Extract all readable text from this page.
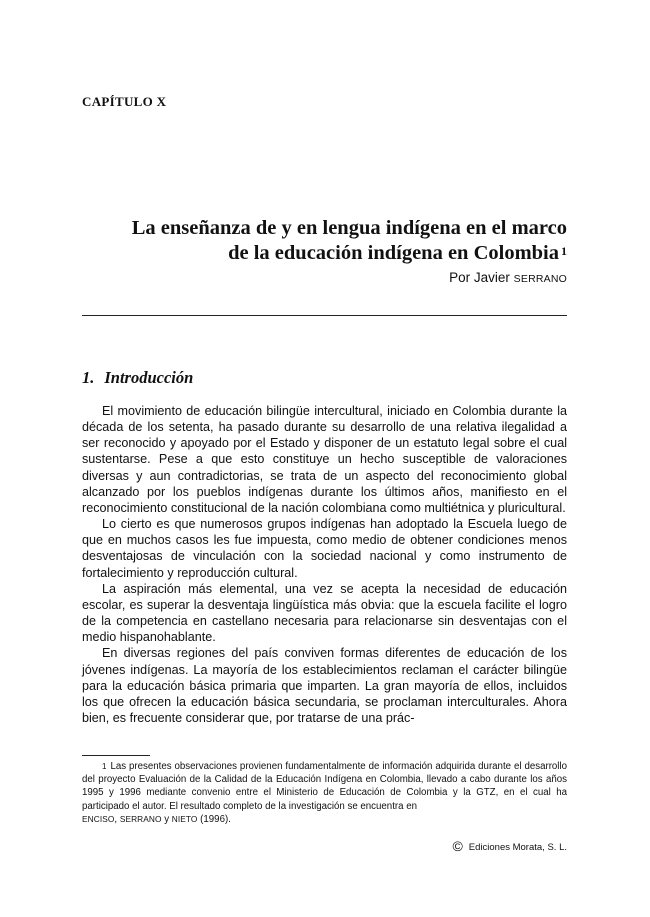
CAPÍTULO X
La enseñanza de y en lengua indígena en el marco
de la educación indígena en Colombia $^1$
Por Javier SERRANO
1. Introducción

El movimiento de educación bilingüe intercultural, iniciado en Colombia durante la década de los setenta, ha pasado durante su desarrollo de una relativa ilegalidad a ser reconocido y apoyado por el Estado y disponer de un estatuto legal sobre el cual sustentarse. Pese a que esto constituye un hecho susceptible de valoraciones diversas y aun contradictorias, se trata de un aspecto del reconocimiento global alcanzado por los pueblos indígenas durante los últimos años, manifiesto en el reconocimiento constitucional de la nación colombiana como multiétnica y pluricultural.

Lo cierto es que numerosos grupos indígenas han adoptado la Escuela luego de que en muchos casos les fue impuesta, como medio de obtener condiciones menos desventajosas de vinculación con la sociedad nacional y como instrumento de fortalecimiento y reproducción cultural.

La aspiración más elemental, una vez se acepta la necesidad de educación escolar, es superar la desventaja lingüística más obvia: que la escuela facilite el logro de la competencia en castellano necesaria para relacionarse sin desventajas con el medio hispanohablante.

En diversas regiones del país conviven formas diferentes de educación de los jóvenes indígenas. La mayoría de los establecimientos reclaman el carácter bilingüe para la educación básica primaria que imparten. La gran mayoría de ellos, incluidos los que ofrecen la educación básica secundaria, se proclaman interculturales. Ahora bien, es frecuente considerar que, por tratarse de una prác-

$^1$ Las presentes observaciones provienen fundamentalmente de información adquirida durante el desarrollo del proyecto Evaluación de la Calidad de la Educación Indígena en Colombia, llevado a cabo durante los años 1995 y 1996 mediante convenio entre el Ministerio de Educación de Colombia y la GTZ, en el cual ha participado el autor. El resultado completo de la investigación se encuentra en
ENCISO, SERRANO y NIETO (1996).

© Ediciones Morata, S. L.
